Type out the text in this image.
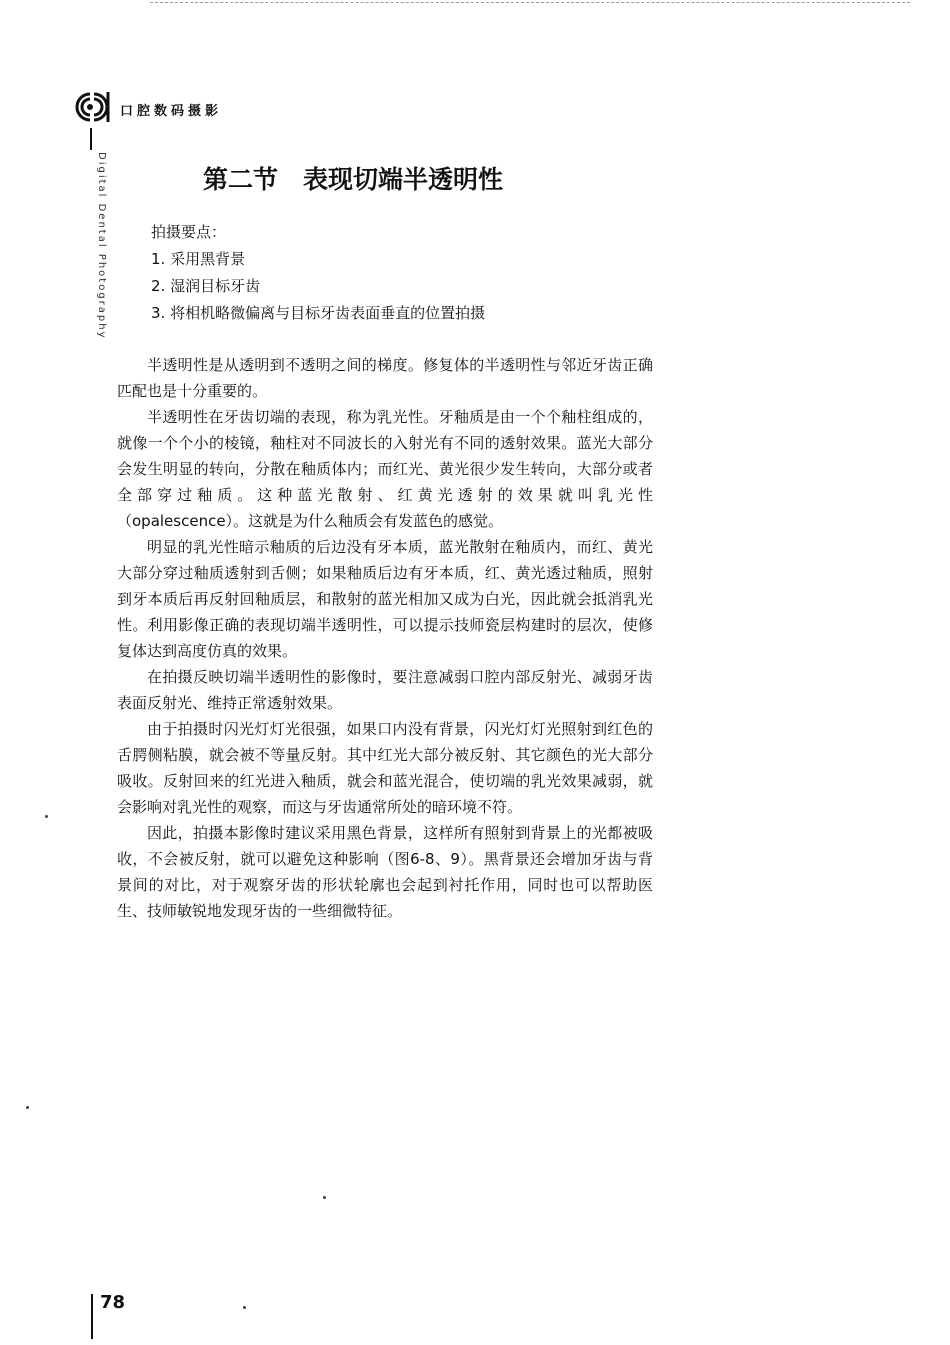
口腔数码摄影
Digital Dental Photography	第二节　表现切端半透明性
拍摄要点：
1. 采用黑背景
2. 湿润目标牙齿
3. 将相机略微偏离与目标牙齿表面垂直的位置拍摄

半透明性是从透明到不透明之间的梯度。修复体的半透明性与邻近牙齿正确匹配也是十分重要的。

半透明性在牙齿切端的表现，称为乳光性。牙釉质是由一个个釉柱组成的，就像一个个小的棱镜，釉柱对不同波长的入射光有不同的透射效果。蓝光大部分会发生明显的转向，分散在釉质体内；而红光、黄光很少发生转向，大部分或者全部穿过釉质。这种蓝光散射、红黄光透射的效果就叫乳光性（opalescence）。这就是为什么釉质会有发蓝色的感觉。

明显的乳光性暗示釉质的后边没有牙本质，蓝光散射在釉质内，而红、黄光大部分穿过釉质透射到舌侧；如果釉质后边有牙本质，红、黄光透过釉质，照射到牙本质后再反射回釉质层，和散射的蓝光相加又成为白光，因此就会抵消乳光性。利用影像正确的表现切端半透明性，可以提示技师瓷层构建时的层次，使修复体达到高度仿真的效果。

在拍摄反映切端半透明性的影像时，要注意减弱口腔内部反射光、减弱牙齿表面反射光、维持正常透射效果。

由于拍摄时闪光灯灯光很强，如果口内没有背景，闪光灯灯光照射到红色的舌腭侧粘膜，就会被不等量反射。其中红光大部分被反射、其它颜色的光大部分吸收。反射回来的红光进入釉质，就会和蓝光混合，使切端的乳光效果减弱，就会影响对乳光性的观察，而这与牙齿通常所处的暗环境不符。

因此，拍摄本影像时建议采用黑色背景，这样所有照射到背景上的光都被吸收，不会被反射，就可以避免这种影响（图6-8、9）。黑背景还会增加牙齿与背景间的对比，对于观察牙齿的形状轮廓也会起到衬托作用，同时也可以帮助医生、技师敏锐地发现牙齿的一些细微特征。

78
